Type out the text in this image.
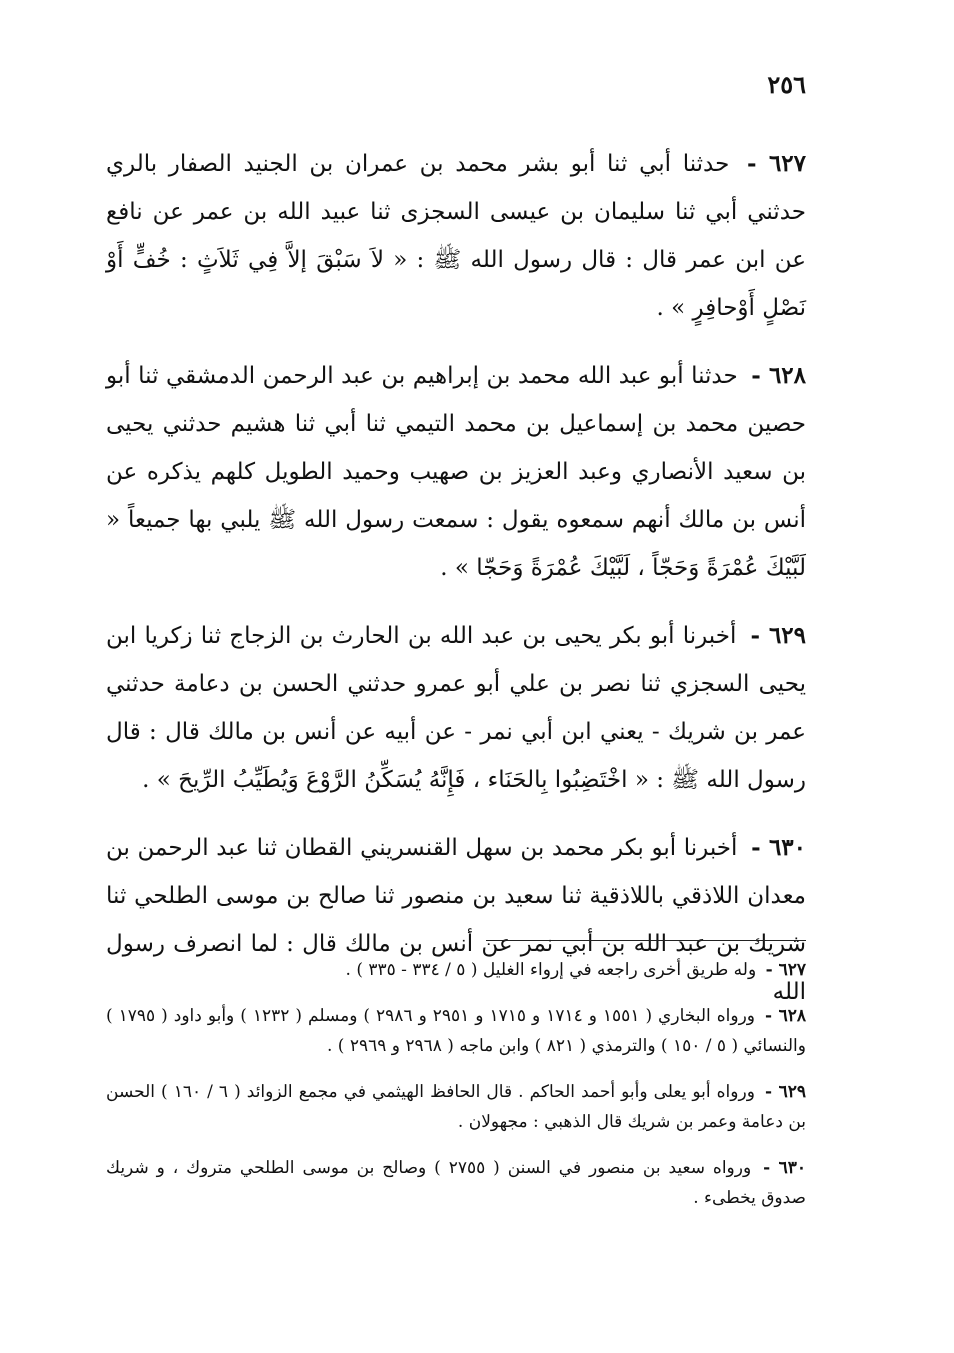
٢٥٦

٦٢٧ - حدثنا أبي ثنا أبو بشر محمد بن عمران بن الجنيد الصفار بالري حدثني أبي ثنا سليمان بن عيسى السجزى ثنا عبيد الله بن عمر عن نافع عن ابن عمر قال : قال رسول الله ﷺ : « لاَ سَبْقَ إلاَّ فِي ثَلاَثٍ : خُفٍّ أَوْ نَصْلٍ أَوْحافِرٍ » .

٦٢٨ - حدثنا أبو عبد الله محمد بن إبراهيم بن عبد الرحمن الدمشقي ثنا أبو حصين محمد بن إسماعيل بن محمد التيمي ثنا أبي ثنا هشيم حدثني يحيى بن سعيد الأنصاري وعبد العزيز بن صهيب وحميد الطويل كلهم يذكره عن أنس بن مالك أنهم سمعوه يقول : سمعت رسول الله ﷺ يلبي بها جميعاً « لَبَّيْكَ عُمْرَةً وَحَجّاً ، لَبَّيْكَ عُمْرَةً وَحَجّا » .

٦٢٩ - أخبرنا أبو بكر يحيى بن عبد الله بن الحارث بن الزجاج ثنا زكريا ابن يحيى السجزي ثنا نصر بن علي أبو عمرو حدثني الحسن بن دعامة حدثني عمر بن شريك - يعني ابن أبي نمر - عن أبيه عن أنس بن مالك قال : قال رسول الله ﷺ : « اخْتَضِبُوا بِالحَنَاء ، فَإِنَّهُ يُسَكِّنُ الرَّوْعَ وَيُطَيِّبُ الرِّيحَ » .

٦٣٠ - أخبرنا أبو بكر محمد بن سهل القنسريني القطان ثنا عبد الرحمن بن معدان اللاذقي باللاذقية ثنا سعيد بن منصور ثنا صالح بن موسى الطلحي ثنا شريك بن عبد الله بن أبي نمر عن أنس بن مالك قال : لما انصرف رسول الله

٦٢٧ - وله طريق أخرى راجعه في إرواء الغليل ( ٥ / ٣٣٤ - ٣٣٥ ) .

٦٢٨ - ورواه البخاري ( ١٥٥١ و ١٧١٤ و ١٧١٥ و ٢٩٥١ و ٢٩٨٦ ) ومسلم ( ١٢٣٢ ) وأبو داود ( ١٧٩٥ ) والنسائي ( ٥ / ١٥٠ ) والترمذي ( ٨٢١ ) وابن ماجه ( ٢٩٦٨ و ٢٩٦٩ ) .

٦٢٩ - ورواه أبو يعلى وأبو أحمد الحاكم . قال الحافظ الهيثمي في مجمع الزوائد ( ٦ / ١٦٠ ) الحسن بن دعامة وعمر بن شريك قال الذهبي : مجهولان .

٦٣٠ - ورواه سعيد بن منصور في السنن ( ٢٧٥٥ ) وصالح بن موسى الطلحي متروك ، و شريك صدوق يخطىء .
